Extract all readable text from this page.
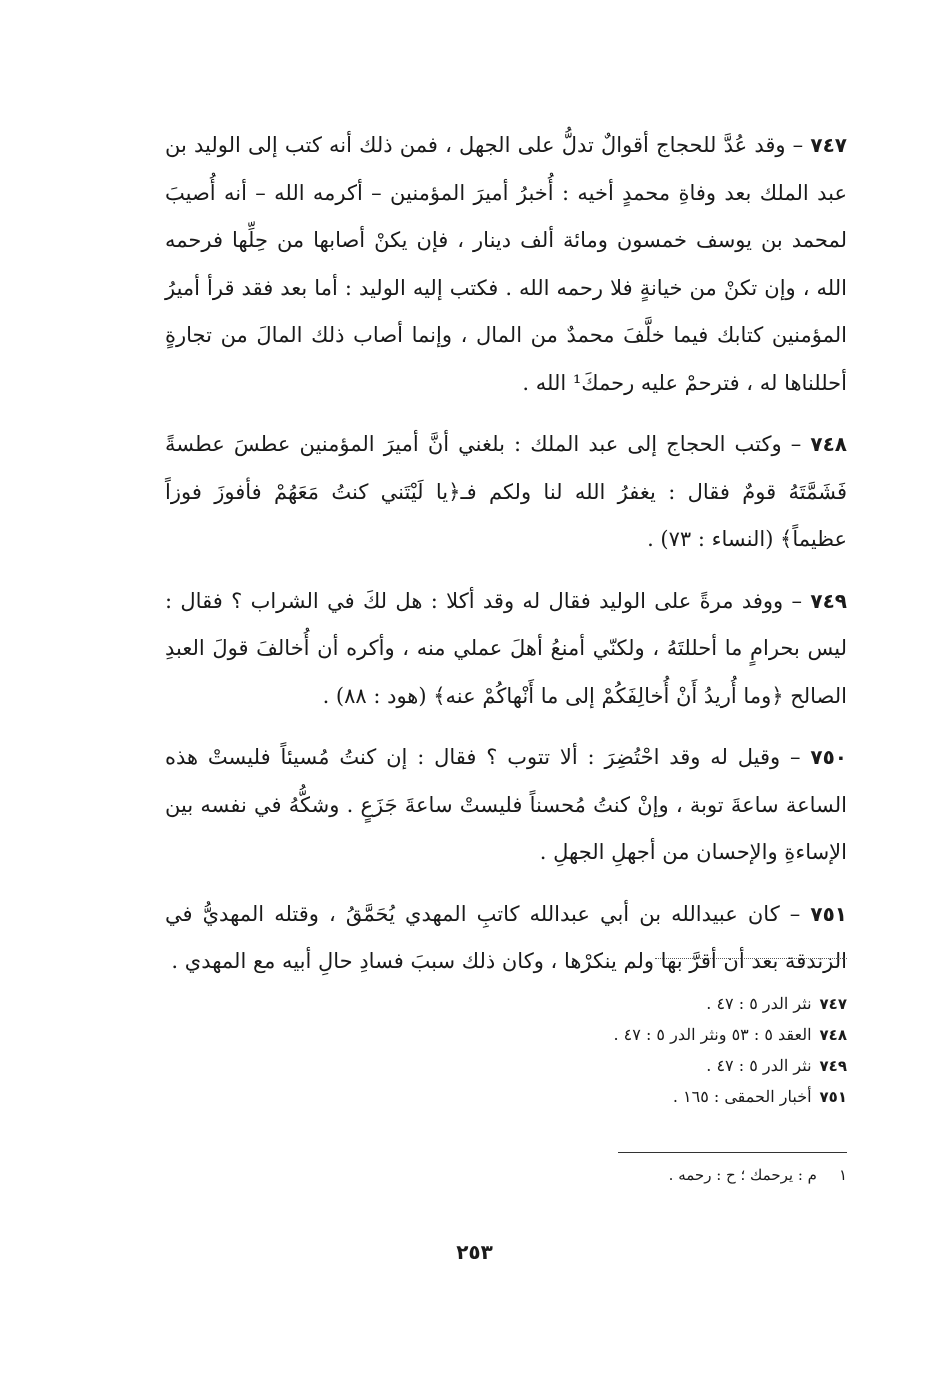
٧٤٧ – وقد عُدَّ للحجاج أقوالٌ تدلُّ على الجهل ، فمن ذلك أنه كتب إلى الوليد بن عبد الملك بعد وفاةِ محمدٍ أخيه : أُخبرُ أميرَ المؤمنين – أكرمه الله – أنه أُصيبَ لمحمد بن يوسف خمسون ومائة ألف دينار ، فإن يكنْ أصابها من حِلِّها فرحمه الله ، وإن تكنْ من خيانةٍ فلا رحمه الله . فكتب إليه الوليد : أما بعد فقد قرأ أميرُ المؤمنين كتابك فيما خلَّفَ محمدٌ من المال ، وإنما أصاب ذلك المالَ من تجارةٍ أحللناها له ، فترحمْ عليه رحمكَ¹ الله .

٧٤٨ – وكتب الحجاج إلى عبد الملك : بلغني أنَّ أميرَ المؤمنين عطسَ عطسةً فَشَمَّتَهُ قومٌ فقال : يغفرُ الله لنا ولكم فـ﴿يا لَيْتَني كنتُ مَعَهُمْ فأفوزَ فوزاً عظيماً﴾ (النساء : ٧٣) .

٧٤٩ – ووفد مرةً على الوليد فقال له وقد أكلا : هل لكَ في الشراب ؟ فقال : ليس بحرامٍ ما أحللتَهُ ، ولكنّي أمنعُ أهلَ عملي منه ، وأكره أن أُخالفَ قولَ العبدِ الصالح ﴿وما أُريدُ أَنْ أُخالِفَكُمْ إلى ما أَنْهاكُمْ عنه﴾ (هود : ٨٨) .

٧٥٠ – وقيل له وقد احْتُضِرَ : ألا تتوب ؟ فقال : إن كنتُ مُسيئاً فليستْ هذه الساعة ساعةَ توبة ، وإنْ كنتُ مُحسناً فليستْ ساعةَ جَزَعٍ . وشكُّهُ في نفسه بين الإساءةِ والإحسان من أجهلِ الجهلِ .

٧٥١ – كان عبيدالله بن أبي عبدالله كاتبِ المهدي يُحَمَّقُ ، وقتله المهديُّ في الزندقة بعد أن أقرَّ بها ولم ينكرْها ، وكان ذلك سببَ فسادِ حالِ أبيه مع المهدي .

٧٤٧نثر الدر ٥ : ٤٧ .
٧٤٨العقد ٥ : ٥٣ ونثر الدر ٥ : ٤٧ .
٧٤٩نثر الدر ٥ : ٤٧ .
٧٥١أخبار الحمقى : ١٦٥ .
١م : يرحمك ؛ ح : رحمه .
٢٥٣
